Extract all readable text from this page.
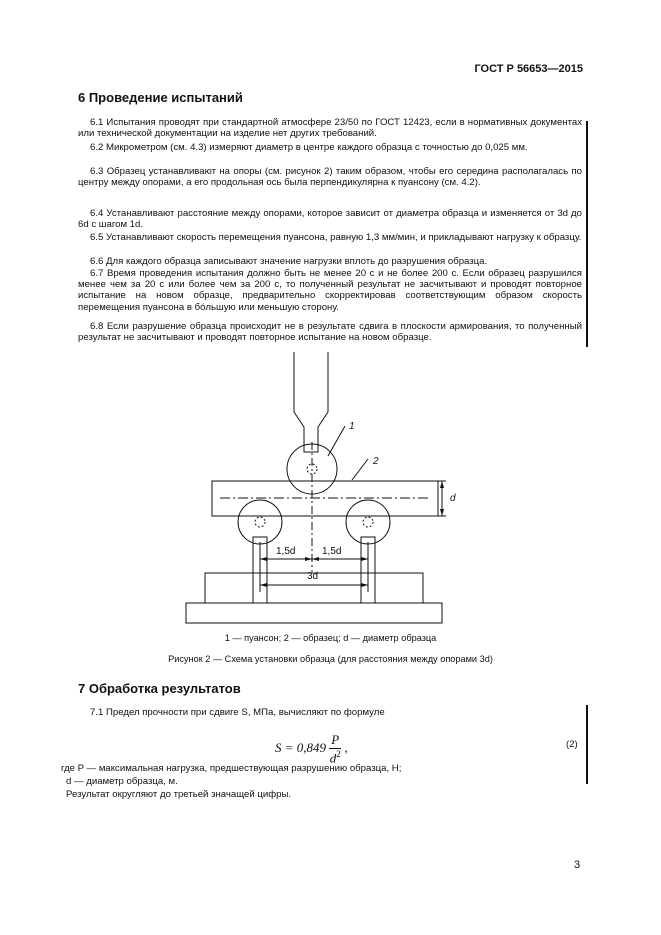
ГОСТ Р 56653—2015
6 Проведение испытаний
6.1 Испытания проводят при стандартной атмосфере 23/50 по ГОСТ 12423, если в нормативных документах или технической документации на изделие нет других требований.
6.2 Микрометром (см. 4.3) измеряют диаметр в центре каждого образца с точностью до 0,025 мм.
6.3 Образец устанавливают на опоры (см. рисунок 2) таким образом, чтобы его середина располагалась по центру между опорами, а его продольная ось была перпендикулярна к пуансону (см. 4.2).
6.4 Устанавливают расстояние между опорами, которое зависит от диаметра образца и изменяется от 3d до 6d с шагом 1d.
6.5 Устанавливают скорость перемещения пуансона, равную 1,3 мм/мин, и прикладывают нагрузку к образцу.
6.6 Для каждого образца записывают значение нагрузки вплоть до разрушения образца.
6.7 Время проведения испытания должно быть не менее 20 с и не более 200 с. Если образец разрушился менее чем за 20 с или более чем за 200 с, то полученный результат не засчитывают и проводят повторное испытание на новом образце, предварительно скорректировав соответствующим образом скорость перемещения пуансона в бóльшую или меньшую сторону.
6.8 Если разрушение образца происходит не в результате сдвига в плоскости армирования, то полученный результат не засчитывают и проводят повторное испытание на новом образце.
1
2
d
1,5d	1,5d
3d
1 — пуансон; 2 — образец; d — диаметр образца
Рисунок 2 — Схема установки образца (для расстояния между опорами 3d)
7 Обработка результатов
7.1 Предел прочности при сдвиге S, МПа, вычисляют по формуле
$S = 0,849 \frac{P}{d^2}$ ,	(2)
где P — максимальная нагрузка, предшествующая разрушению образца, Н;
d — диаметр образца, м.
Результат округляют до третьей значащей цифры.
3
